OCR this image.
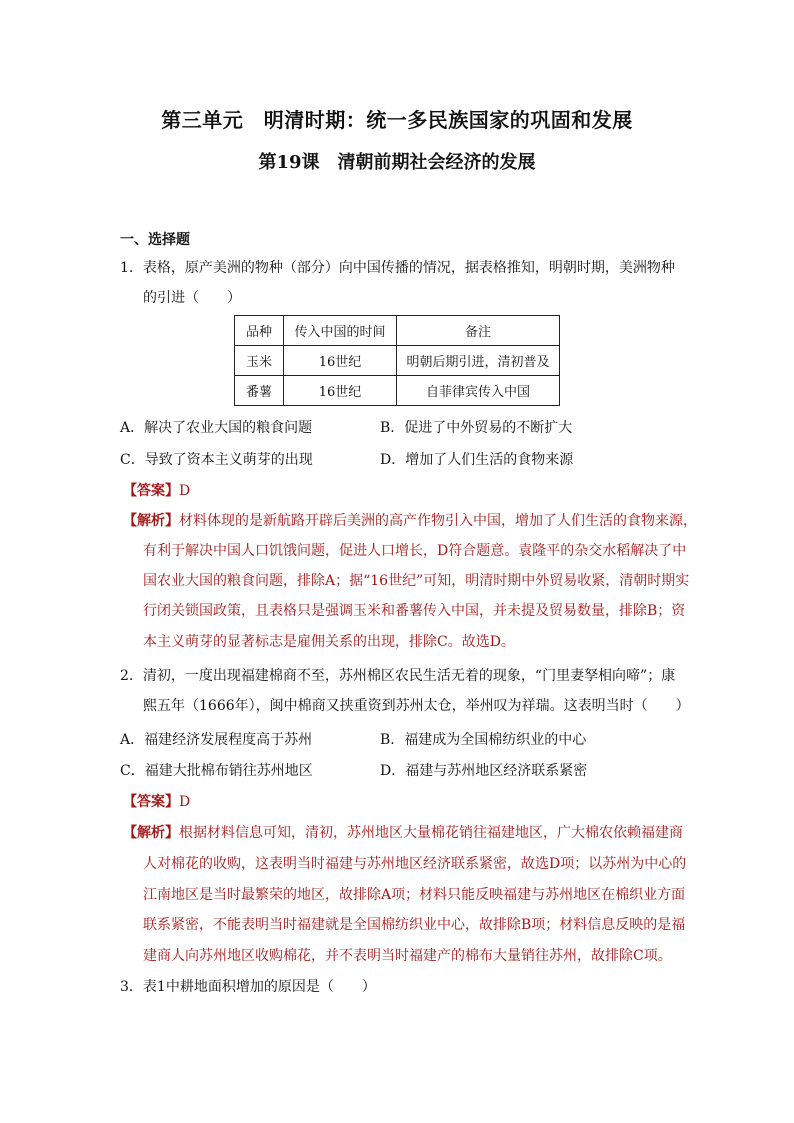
第三单元　明清时期：统一多民族国家的巩固和发展
第19课　清朝前期社会经济的发展
一、选择题
1．表格，原产美洲的物种（部分）向中国传播的情况，据表格推知，明朝时期，美洲物种
的引进（　　）
品种	传入中国的时间	备注
玉米	16世纪	明朝后期引进，清初普及
番薯	16世纪	自菲律宾传入中国
A．解决了农业大国的粮食问题	B．促进了中外贸易的不断扩大
C．导致了资本主义萌芽的出现	D．增加了人们生活的食物来源
【答案】D
【解析】材料体现的是新航路开辟后美洲的高产作物引入中国，增加了人们生活的食物来源，
有利于解决中国人口饥饿问题，促进人口增长，D符合题意。袁隆平的杂交水稻解决了中
国农业大国的粮食问题，排除A；据“16世纪”可知，明清时期中外贸易收紧，清朝时期实
行闭关锁国政策，且表格只是强调玉米和番薯传入中国，并未提及贸易数量，排除B；资
本主义萌芽的显著标志是雇佣关系的出现，排除C。故选D。
2．清初，一度出现福建棉商不至，苏州棉区农民生活无着的现象，“门里妻孥相向啼”；康
熙五年（1666年），闽中棉商又挟重资到苏州太仓，举州叹为祥瑞。这表明当时（　　）
A．福建经济发展程度高于苏州	B．福建成为全国棉纺织业的中心
C．福建大批棉布销往苏州地区	D．福建与苏州地区经济联系紧密
【答案】D
【解析】根据材料信息可知，清初，苏州地区大量棉花销往福建地区，广大棉农依赖福建商
人对棉花的收购，这表明当时福建与苏州地区经济联系紧密，故选D项；以苏州为中心的
江南地区是当时最繁荣的地区，故排除A项；材料只能反映福建与苏州地区在棉织业方面
联系紧密，不能表明当时福建就是全国棉纺织业中心，故排除B项；材料信息反映的是福
建商人向苏州地区收购棉花，并不表明当时福建产的棉布大量销往苏州，故排除C项。
3．表1中耕地面积增加的原因是（　　）
